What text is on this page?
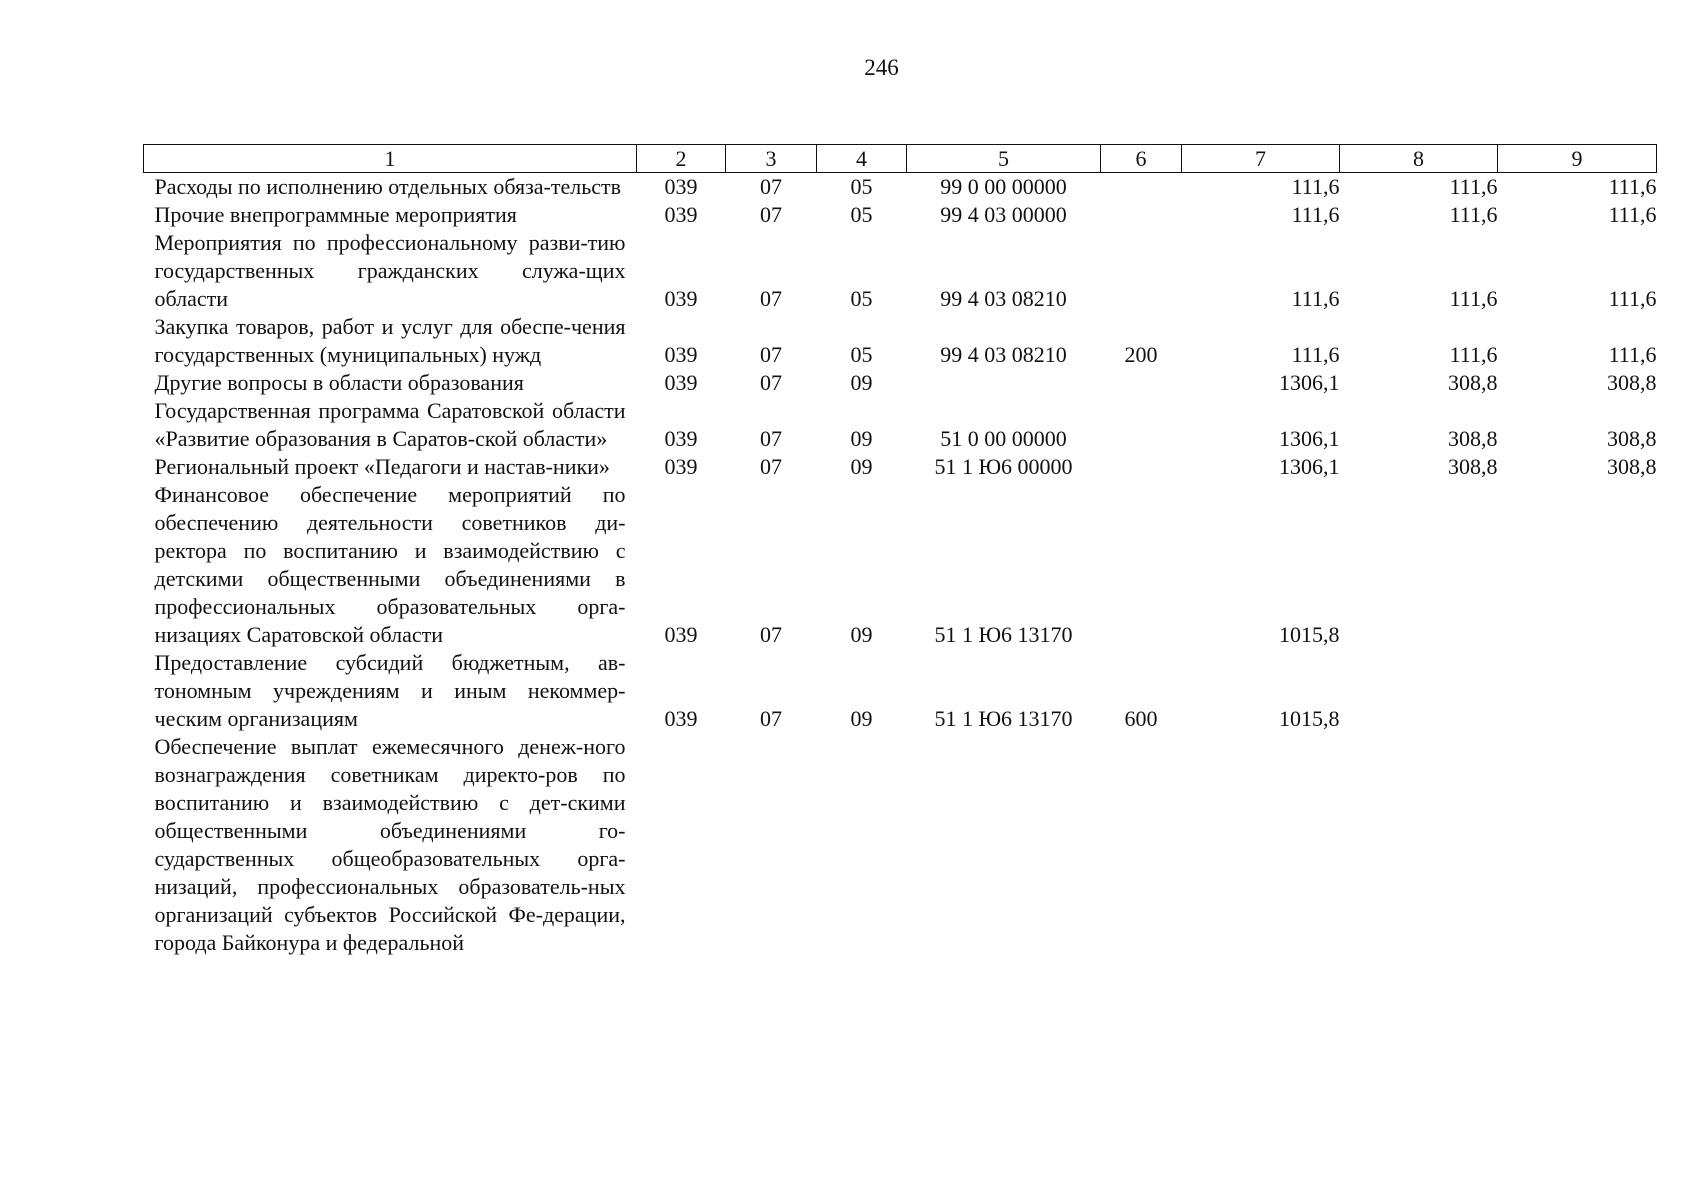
246
1	2	3	4	5	6	7	8	9
Расходы по исполнению отдельных обяза-тельств	039	07	05	99 0 00 00000		111,6	111,6	111,6
Прочие внепрограммные мероприятия	039	07	05	99 4 03 00000		111,6	111,6	111,6
Мероприятия по профессиональному разви-тию государственных гражданских служа-щих области	039	07	05	99 4 03 08210		111,6	111,6	111,6
Закупка товаров, работ и услуг для обеспе-чения государственных (муниципальных) нужд	039	07	05	99 4 03 08210	200	111,6	111,6	111,6
Другие вопросы в области образования	039	07	09			1306,1	308,8	308,8
Государственная программа Саратовской области «Развитие образования в Саратов-ской области»	039	07	09	51 0 00 00000		1306,1	308,8	308,8
Региональный проект «Педагоги и настав-ники»	039	07	09	51 1 Ю6 00000		1306,1	308,8	308,8
Финансовое обеспечение мероприятий по обеспечению деятельности советников ди-ректора по воспитанию и взаимодействию с детскими общественными объединениями в профессиональных образовательных орга-низациях Саратовской области	039	07	09	51 1 Ю6 13170		1015,8		
Предоставление субсидий бюджетным, ав-тономным учреждениям и иным некоммер-ческим организациям	039	07	09	51 1 Ю6 13170	600	1015,8		
Обеспечение выплат ежемесячного денеж-ного вознаграждения советникам директо-ров по воспитанию и взаимодействию с дет-скими общественными объединениями го-сударственных общеобразовательных орга-низаций, профессиональных образователь-ных организаций субъектов Российской Фе-дерации, города Байконура и федеральной								
